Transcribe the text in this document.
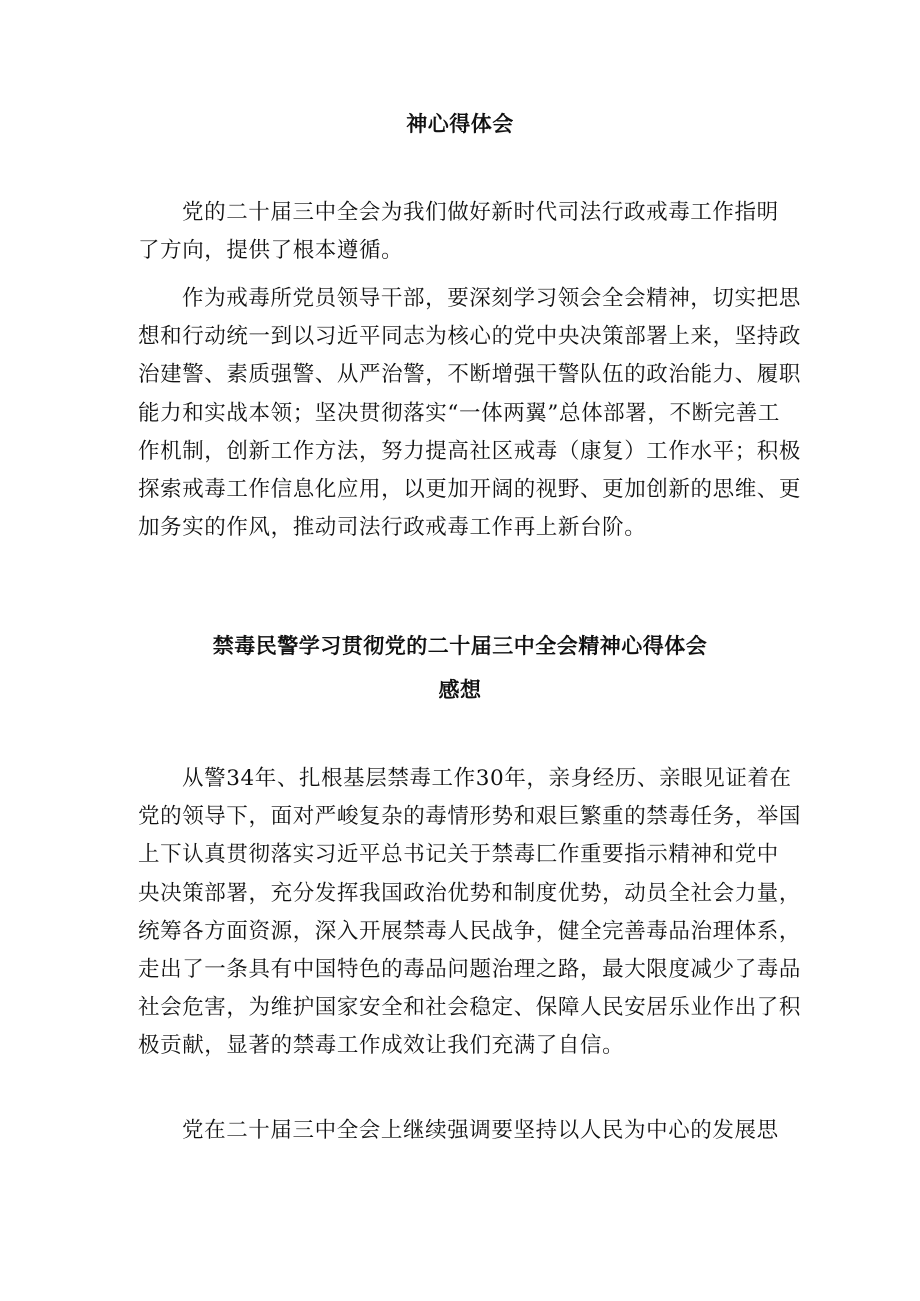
神心得体会
党的二十届三中全会为我们做好新时代司法行政戒毒工作指明
了方向，提供了根本遵循。
作为戒毒所党员领导干部，要深刻学习领会全会精神，切实把思
想和行动统一到以习近平同志为核心的党中央决策部署上来，坚持政
治建警、素质强警、从严治警，不断增强干警队伍的政治能力、履职
能力和实战本领；坚决贯彻落实“一体两翼”总体部署，不断完善工
作机制，创新工作方法，努力提高社区戒毒（康复）工作水平；积极
探索戒毒工作信息化应用，以更加开阔的视野、更加创新的思维、更
加务实的作风，推动司法行政戒毒工作再上新台阶。
禁毒民警学习贯彻党的二十届三中全会精神心得体会
感想
从警34年、扎根基层禁毒工作30年，亲身经历、亲眼见证着在
党的领导下，面对严峻复杂的毒情形势和艰巨繁重的禁毒任务，举国
上下认真贯彻落实习近平总书记关于禁毒匚作重要指示精神和党中
央决策部署，充分发挥我国政治优势和制度优势，动员全社会力量，
统筹各方面资源，深入开展禁毒人民战争，健全完善毒品治理体系，
走出了一条具有中国特色的毒品问题治理之路，最大限度减少了毒品
社会危害，为维护国家安全和社会稳定、保障人民安居乐业作出了积
极贡献，显著的禁毒工作成效让我们充满了自信。
党在二十届三中全会上继续强调要坚持以人民为中心的发展思
